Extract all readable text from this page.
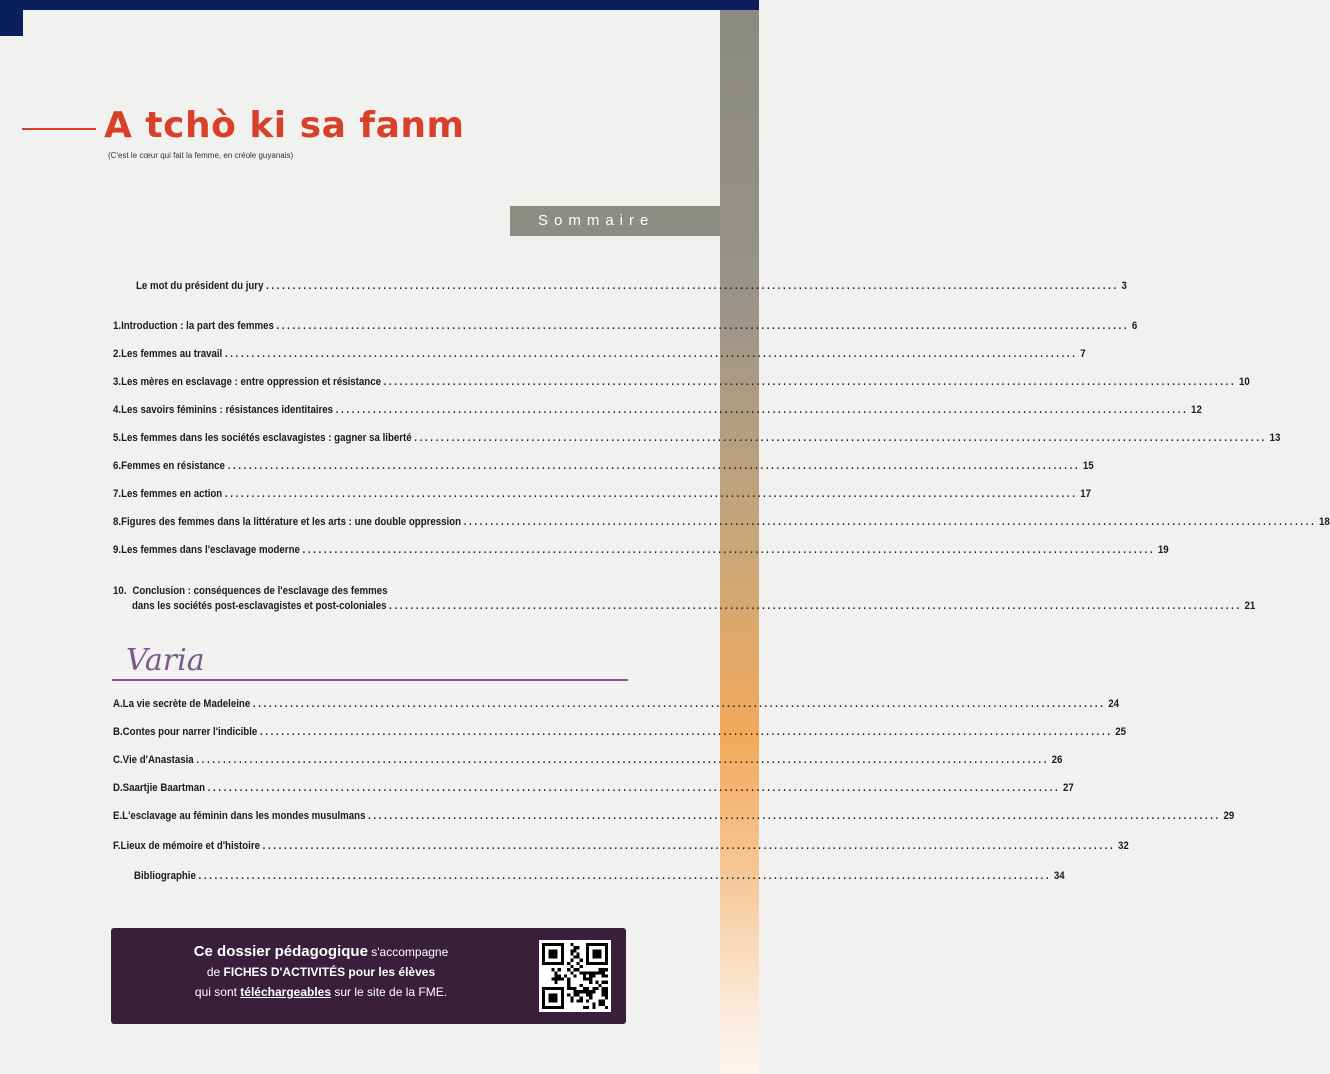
A tchò ki sa fanm
(C'est le cœur qui fait la femme, en créole guyanais)
Sommaire
Le mot du président du jury ................................................................................................................................................................ 3
1. Introduction : la part des femmes ................................................................................................................................................................ 6
2. Les femmes au travail ................................................................................................................................................................ 7
3. Les mères en esclavage : entre oppression et résistance ................................................................................................................................................................ 10
4. Les savoirs féminins : résistances identitaires ................................................................................................................................................................ 12
5. Les femmes dans les sociétés esclavagistes : gagner sa liberté ................................................................................................................................................................ 13
6. Femmes en résistance ................................................................................................................................................................ 15
7. Les femmes en action ................................................................................................................................................................ 17
8. Figures des femmes dans la littérature et les arts : une double oppression ................................................................................................................................................................ 18
9. Les femmes dans l'esclavage moderne ................................................................................................................................................................ 19
10. Conclusion : conséquences de l'esclavage des femmes
dans les sociétés post-esclavagistes et post-coloniales ................................................................................................................................................................ 21
Varia
A. La vie secrète de Madeleine ................................................................................................................................................................ 24
B. Contes pour narrer l'indicible ................................................................................................................................................................ 25
C. Vie d'Anastasia ................................................................................................................................................................ 26
D. Saartjie Baartman ................................................................................................................................................................ 27
E. L'esclavage au féminin dans les mondes musulmans ................................................................................................................................................................ 29
F. Lieux de mémoire et d'histoire ................................................................................................................................................................ 32
Bibliographie ................................................................................................................................................................ 34
Ce dossier pédagogique s'accompagne
de FICHES D'ACTIVITÉS pour les élèves
qui sont téléchargeables sur le site de la FME.
